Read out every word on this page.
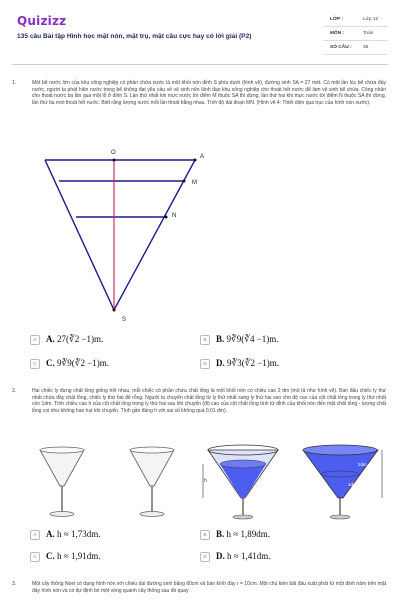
Quizizz
135 câu Bài tập Hình học mặt nón, mặt trụ, mặt cầu cực hay có lời giải (P2)
LỚP :	Lớp 12
MÔN :	Toán
SỐ CÂU : 35
1.	Một bể nước lớn của khu công nghiệp có phần chứa nước là một khối nón đỉnh S phía dưới (hình vẽ), đường sinh SA = 27 mét. Có một lần lúc bể chứa đầy nước, người ta phát hiện nước trong bể không đạt yêu cầu về vệ sinh nên lãnh đạo khu công nghiệp cho thoát hết nước để làm vệ sinh bể chứa. Công nhân cho thoát nước ba lần qua một lỗ ở đỉnh S. Lần thứ nhất khi mực nước tới điểm M thuộc SA thì dừng, lần thứ hai khi mực nước tới điểm N thuộc SA thì dừng, lần thứ ba mới thoát hết nước. Biết rằng lượng nước mỗi lần thoát bằng nhau. Tính độ dài đoạn MN. (Hình vẽ 4: Thiết diện qua trục của hình nón nước).
O
A
M
N
S
A	A. 27(∛2 −1)m.	B	B. 9∛9(∛4 −1)m.
C	C. 9∛9(∛2 −1)m.	D	D. 9∛3(∛2 −1)m.
2.	Hai chiếc ly đựng chất lỏng giống hệt nhau, mỗi chiếc có phần chứa chất lỏng là một khối nón có chiều cao 2 dm (mô tả như hình vẽ). Ban đầu chiếc ly thứ nhất chứa đầy chất lỏng, chiếc ly thứ hai để rỗng. Người ta chuyển chất lỏng từ ly thứ nhất sang ly thứ hai sao cho độ cao của cột chất lỏng trong ly thứ nhất còn 1dm. Tính chiều cao h của cột chất lỏng trong ly thứ hai sau khi chuyển (độ cao của cột chất lỏng tính từ đỉnh của khối nón đến mặt chất lỏng - lượng chất lỏng coi như không hao hụt khi chuyển. Tính gần đúng h với sai số không quá 0,01 dm).
h
2dm
1dm
A	A. h ≈ 1,73dm.	B	B. h ≈ 1,89dm.
C	C. h ≈ 1,91dm.	D	D. h ≈ 1,41dm.
3.	Một cây thông Noel có dạng hình nón với chiều dài đường sinh bằng 60cm và bán kính đáy r = 10cm. Một chú kiến bắt đầu xuất phát từ một đỉnh nằm trên mặt đáy hình nón và có dự định bò một vòng quanh cây thông sau đó quay
